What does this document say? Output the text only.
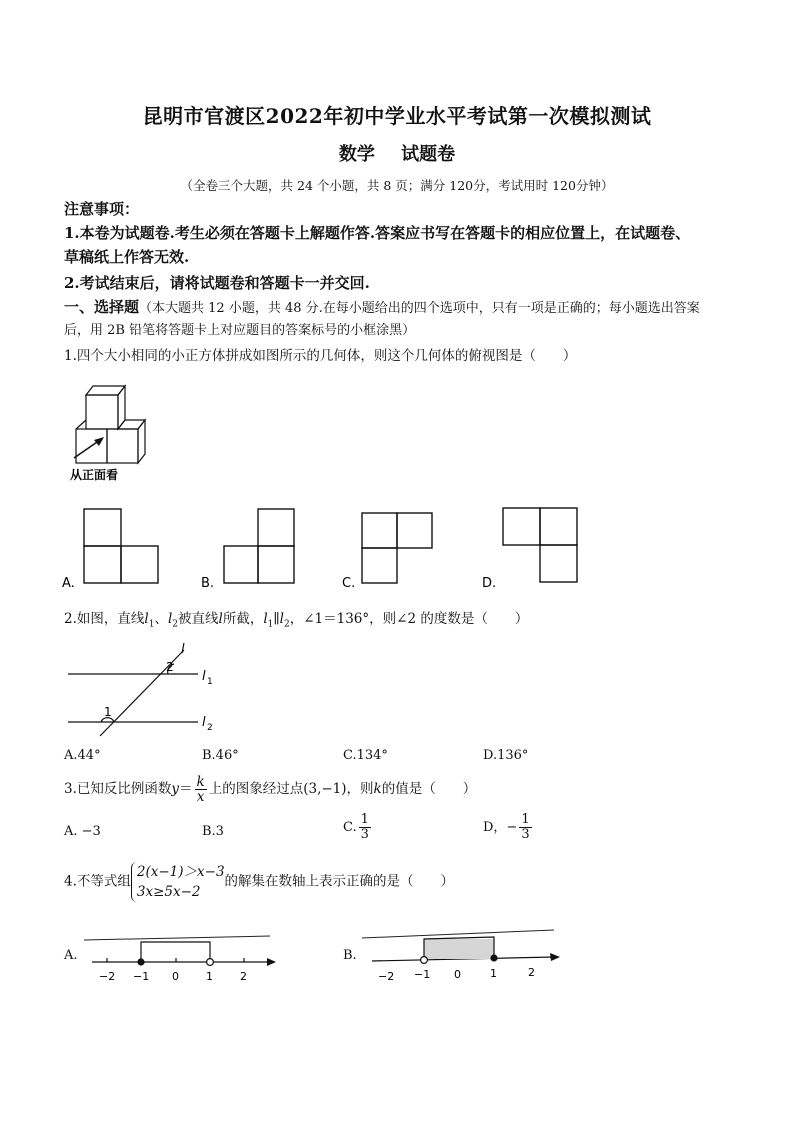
昆明市官渡区2022年初中学业水平考试第一次模拟测试
数学 试题卷
（全卷三个大题，共 24 个小题，共 8 页；满分 120分，考试用时 120分钟）
注意事项：
1.本卷为试题卷.考生必须在答题卡上解题作答.答案应书写在答题卡的相应位置上，在试题卷、
草稿纸上作答无效.
2.考试结束后，请将试题卷和答题卡一并交回.
一、选择题（本大题共 12 小题，共 48 分.在每小题给出的四个选项中，只有一项是正确的；每小题选出答案
后，用 2B 铅笔将答题卡上对应题目的答案标号的小框涂黑）
1.四个大小相同的小正方体拼成如图所示的几何体，则这个几何体的俯视图是（　　）
从正面看
A.	B.	C.	D.
2.如图，直线$l_1$、$l_2$被直线l所截，$l_1\parallel l_2$，∠1＝136°，则∠2 的度数是（　　）
l
2
1
l 1
l 2
A.44°	B.46°	C.134°	D.136°
3.已知反比例函数$y= \frac{k}{x}$ 上的图象经过点(3,−1)，则k的值是（　　）
A. −3	B.3	C. $\frac{1}{3}$	D，− $\frac{1}{3}$
4.不等式组
2(x−1)＞x−3
3x≥5x−2
的解集在数轴上表示正确的是（　　）
A.
−2 −1 0 1 2
B.
−2 −1 0	1	2
